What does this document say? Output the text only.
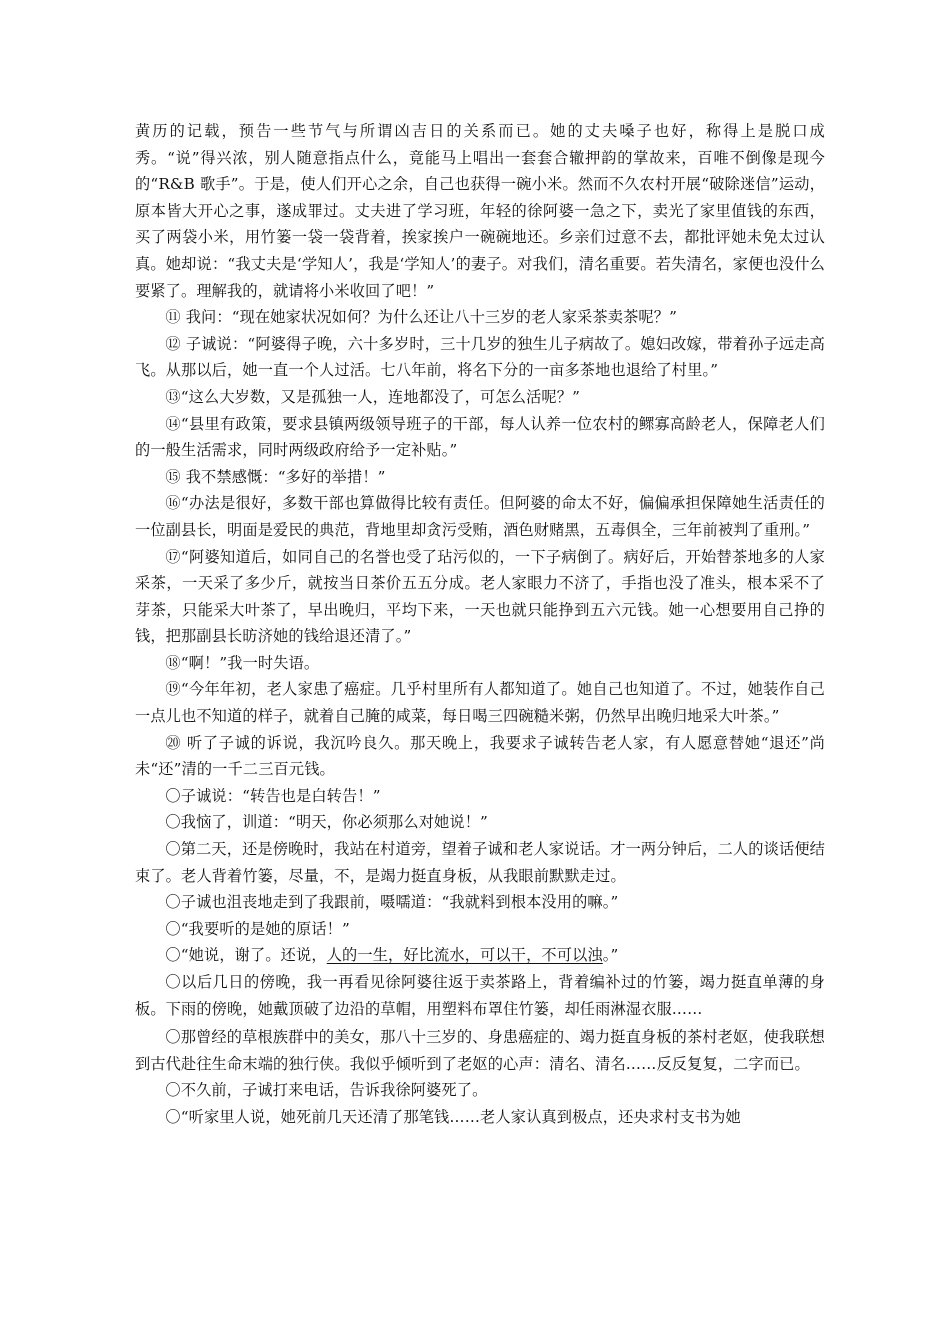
黄历的记载，预告一些节气与所谓凶吉日的关系而已。她的丈夫嗓子也好，称得上是脱口成秀。“说”得兴浓，别人随意指点什么，竟能马上唱出一套套合辙押韵的掌故来，百唯不倒像是现今的“R&B 歌手”。于是，使人们开心之余，自己也获得一碗小米。然而不久农村开展“破除迷信”运动，原本皆大开心之事，遂成罪过。丈夫进了学习班，年轻的徐阿婆一急之下，卖光了家里值钱的东西，买了两袋小米，用竹篓一袋一袋背着，挨家挨户一碗碗地还。乡亲们过意不去，都批评她未免太过认真。她却说：“我丈夫是‘学知人’，我是‘学知人’的妻子。对我们，清名重要。若失清名，家便也没什么要紧了。理解我的，就请将小米收回了吧！”

⑪ 我问：“现在她家状况如何？为什么还让八十三岁的老人家采茶卖茶呢？”

⑫ 子诚说：“阿婆得子晚，六十多岁时，三十几岁的独生儿子病故了。媳妇改嫁，带着孙子远走高飞。从那以后，她一直一个人过活。七八年前，将名下分的一亩多茶地也退给了村里。”

⑬“这么大岁数，又是孤独一人，连地都没了，可怎么活呢？”

⑭“县里有政策，要求县镇两级领导班子的干部，每人认养一位农村的鳏寡高龄老人，保障老人们的一般生活需求，同时两级政府给予一定补贴。”

⑮ 我不禁感慨：“多好的举措！”

⑯“办法是很好，多数干部也算做得比较有责任。但阿婆的命太不好，偏偏承担保障她生活责任的一位副县长，明面是爱民的典范，背地里却贪污受贿，酒色财赌黑，五毒俱全，三年前被判了重刑。”

⑰“阿婆知道后，如同自己的名誉也受了玷污似的，一下子病倒了。病好后，开始替茶地多的人家采茶，一天采了多少斤，就按当日茶价五五分成。老人家眼力不济了，手指也没了准头，根本采不了芽茶，只能采大叶茶了，早出晚归，平均下来，一天也就只能挣到五六元钱。她一心想要用自己挣的钱，把那副县长昉济她的钱给退还清了。”

⑱“啊！”我一时失语。

⑲“今年年初，老人家患了癌症。几乎村里所有人都知道了。她自己也知道了。不过，她装作自己一点儿也不知道的样子，就着自己腌的咸菜，每日喝三四碗糙米粥，仍然早出晚归地采大叶茶。”

⑳ 听了子诚的诉说，我沉吟良久。那天晚上，我要求子诚转告老人家，有人愿意替她“退还”尚未“还”清的一千二三百元钱。

〇子诚说：“转告也是白转告！”

〇我恼了，训道：“明天，你必须那么对她说！”

〇第二天，还是傍晚时，我站在村道旁，望着子诚和老人家说话。才一两分钟后，二人的谈话便结束了。老人背着竹篓，尽量，不，是竭力挺直身板，从我眼前默默走过。

〇子诚也沮丧地走到了我跟前，嗫嚅道：“我就料到根本没用的嘛。”

〇“我要听的是她的原话！”

〇“她说，谢了。还说，人的一生，好比流水，可以干，不可以浊。”

〇以后几日的傍晚，我一再看见徐阿婆往返于卖茶路上，背着编补过的竹篓，竭力挺直单薄的身板。下雨的傍晚，她戴顶破了边沿的草帽，用塑料布罩住竹篓，却任雨淋湿衣服……

〇那曾经的草根族群中的美女，那八十三岁的、身患癌症的、竭力挺直身板的茶村老妪，使我联想到古代赴往生命末端的独行侠。我似乎倾听到了老妪的心声：清名、清名……反反复复，二字而已。

〇不久前，子诚打来电话，告诉我徐阿婆死了。

〇“听家里人说，她死前几天还清了那笔钱……老人家认真到极点，还央求村支书为她
